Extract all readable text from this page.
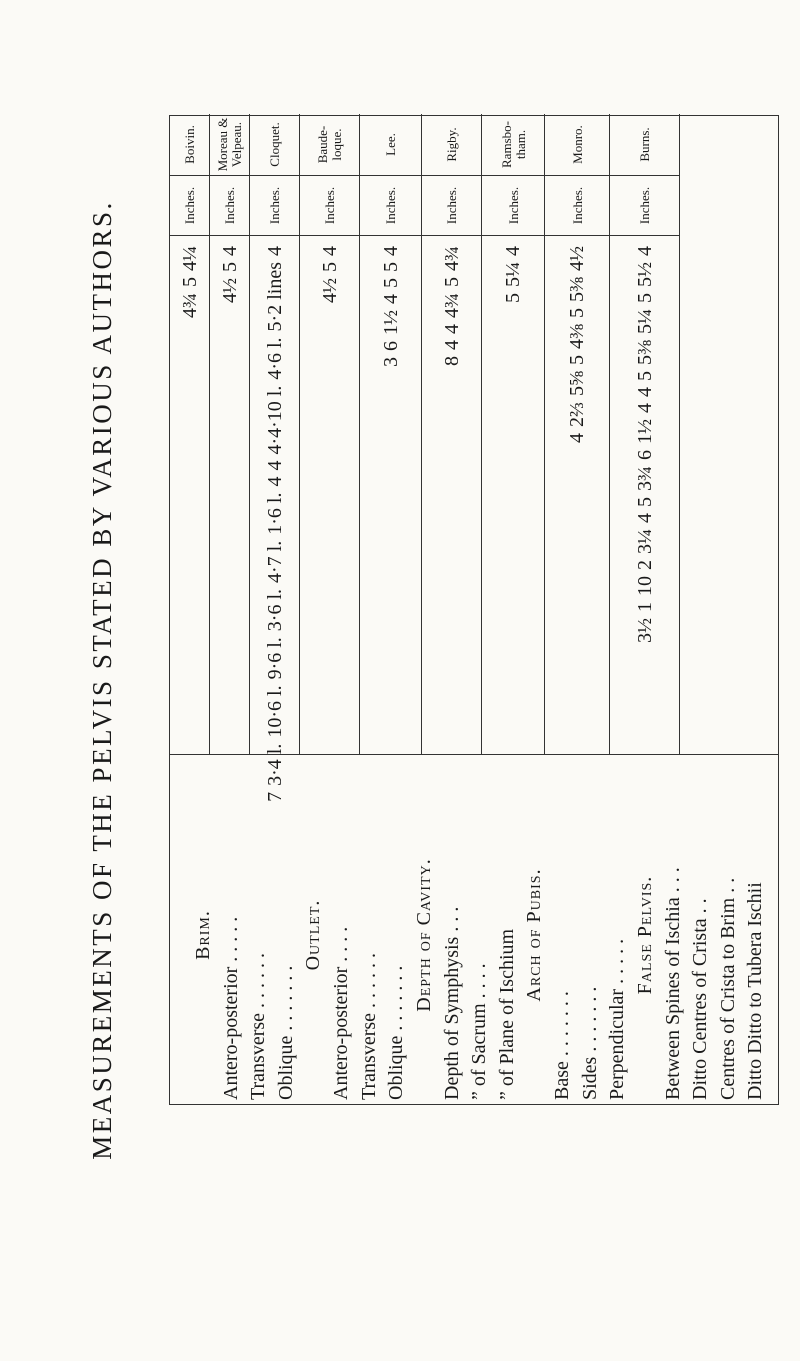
MEASUREMENTS OF THE PELVIS STATED BY VARIOUS AUTHORS.
Boivin.
Inches.
4¼
5
4¾
Moreau & Velpeau.
Inches.
4
5
4½
Cloquet.
Inches.
4
5·2 lines
4·6 l.
4·4·10 l.
4
4
1·6 l.
4·7 l.
3·6 l.
9·6 l.
10·6 l.
3·4 l.
7
Baude-loque.
Inches.
4
5
4½
Lee.
Inches.
4
5
5
4
1½
6
3
Rigby.
Inches.
4¾
5
4¾
4
4
8
Ramsbo-tham.
Inches.
4
5¼
5
Monro.
Inches.
4½
5⅜
5
4⅜
5
5⅝
2⅔
4
Burns.
Inches.
4
5½
5
5¼
5⅜
5
4
4
1½
6
3¾
5
4
3¼
2
10
1
3½
Brim. Antero-posterior . . . . . Transverse . . . . . . Oblique . . . . . . .
Outlet. Antero-posterior . . . . Transverse . . . . . . Oblique . . . . . . .
Depth of Cavity. Depth of Symphysis . . . ” of Sacrum . . . . ” of Plane of Ischium Arch of Pubis.
Base . . . . . . . Sides . . . . . . . Perpendicular . . . . .
False Pelvis. Between Spines of Ischia . . . Ditto Centres of Crista . . Centres of Crista to Brim . . Ditto Ditto to Tubera Ischii
